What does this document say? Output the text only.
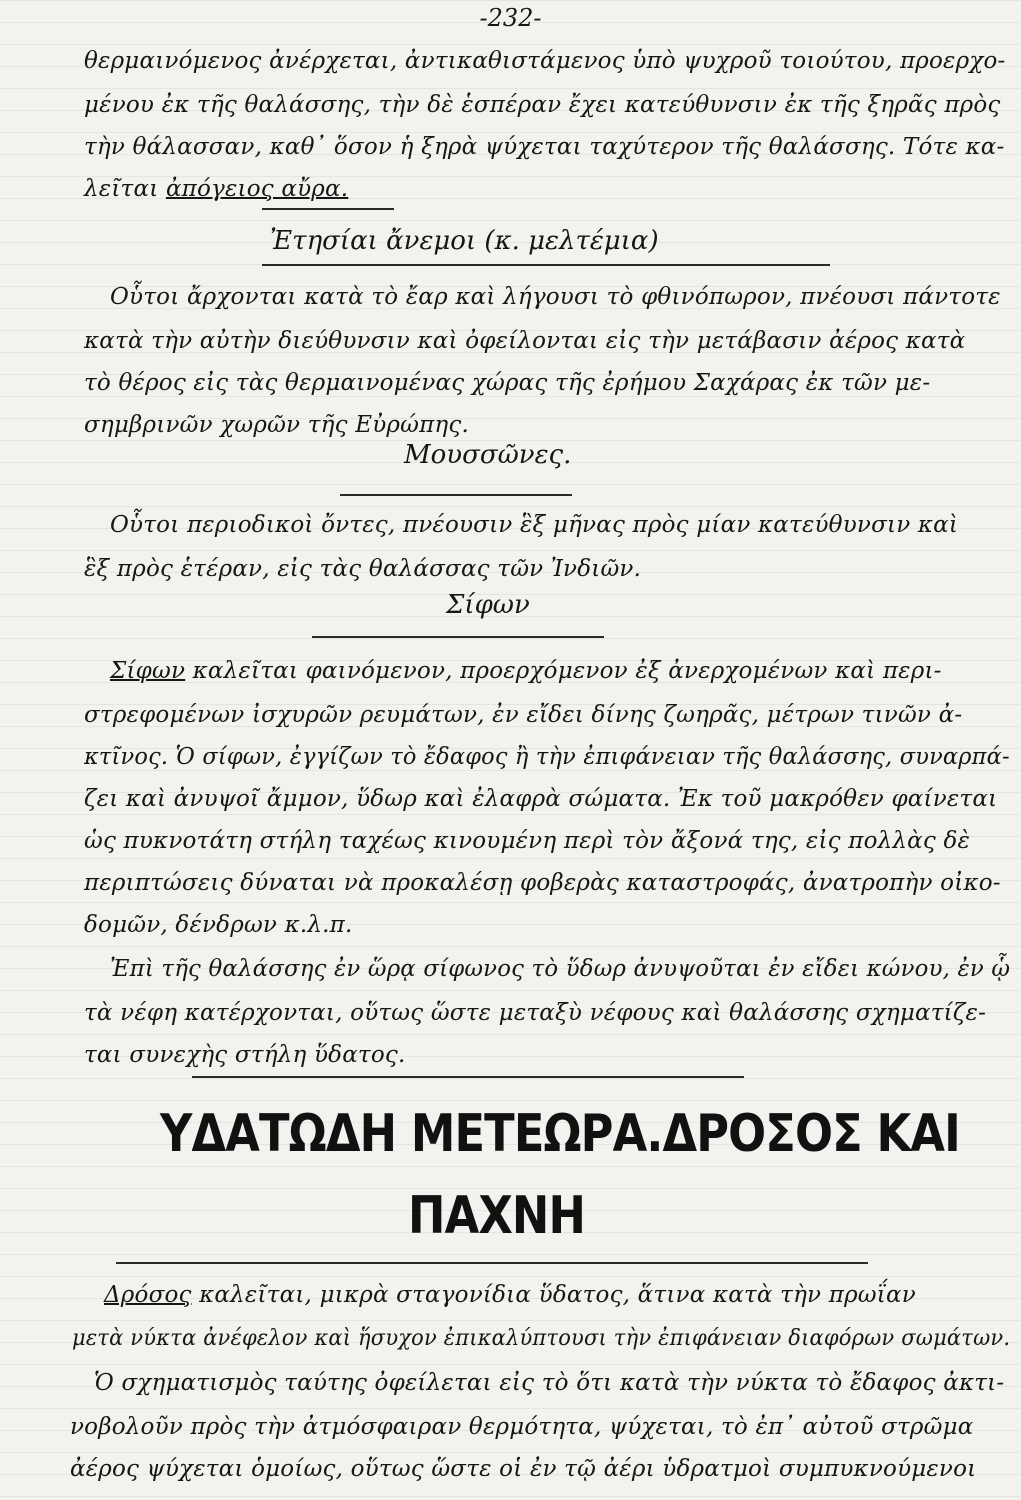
-232-
θερμαινόμενος ἀνέρχεται, ἀντικαθιστάμενος ὑπὸ ψυχροῦ τοιούτου, προερχο-
μένου ἐκ τῆς θαλάσσης, τὴν δὲ ἑσπέραν ἔχει κατεύθυνσιν ἐκ τῆς ξηρᾶς πρὸς
τὴν θάλασσαν, καθ᾽ ὅσον ἡ ξηρὰ ψύχεται ταχύτερον τῆς θαλάσσης. Τότε κα-
λεῖται ἀπόγειος αὔρα.
Ἐτησίαι ἄνεμοι (κ. μελτέμια)
Οὗτοι ἄρχονται κατὰ τὸ ἔαρ καὶ λήγουσι τὸ φθινόπωρον, πνέουσι πάντοτε
κατὰ τὴν αὐτὴν διεύθυνσιν καὶ ὀφείλονται εἰς τὴν μετάβασιν ἀέρος κατὰ
τὸ θέρος εἰς τὰς θερμαινομένας χώρας τῆς ἐρήμου Σαχάρας ἐκ τῶν με-
σημβρινῶν χωρῶν τῆς Εὐρώπης.
Μουσσῶνες.
Οὗτοι περιοδικοὶ ὄντες, πνέουσιν ἓξ μῆνας πρὸς μίαν κατεύθυνσιν καὶ
ἓξ πρὸς ἑτέραν, εἰς τὰς θαλάσσας τῶν Ἰνδιῶν.
Σίφων
Σίφων καλεῖται φαινόμενον, προερχόμενον ἐξ ἀνερχομένων καὶ περι-
στρεφομένων ἰσχυρῶν ρευμάτων, ἐν εἴδει δίνης ζωηρᾶς, μέτρων τινῶν ἀ-
κτῖνος. Ὁ σίφων, ἐγγίζων τὸ ἔδαφος ἢ τὴν ἐπιφάνειαν τῆς θαλάσσης, συναρπά-
ζει καὶ ἀνυψοῖ ἄμμον, ὕδωρ καὶ ἐλαφρὰ σώματα. Ἐκ τοῦ μακρόθεν φαίνεται
ὡς πυκνοτάτη στήλη ταχέως κινουμένη περὶ τὸν ἄξονά της, εἰς πολλὰς δὲ
περιπτώσεις δύναται νὰ προκαλέσῃ φοβερὰς καταστροφάς, ἀνατροπὴν οἰκο-
δομῶν, δένδρων κ.λ.π.
Ἐπὶ τῆς θαλάσσης ἐν ὥρᾳ σίφωνος τὸ ὕδωρ ἀνυψοῦται ἐν εἴδει κώνου, ἐν ᾧ
τὰ νέφη κατέρχονται, οὕτως ὥστε μεταξὺ νέφους καὶ θαλάσσης σχηματίζε-
ται συνεχὴς στήλη ὕδατος.
ΥΔΑΤΩΔΗ ΜΕΤΕΩΡΑ.ΔΡΟΣΟΣ ΚΑΙ
ΠΑΧΝΗ
Δρόσος καλεῖται, μικρὰ σταγονίδια ὕδατος, ἅτινα κατὰ τὴν πρωΐαν
μετὰ νύκτα ἀνέφελον καὶ ἥσυχον ἐπικαλύπτουσι τὴν ἐπιφάνειαν διαφόρων σωμάτων.
Ὁ σχηματισμὸς ταύτης ὀφείλεται εἰς τὸ ὅτι κατὰ τὴν νύκτα τὸ ἔδαφος ἀκτι-
νοβολοῦν πρὸς τὴν ἀτμόσφαιραν θερμότητα, ψύχεται, τὸ ἐπ᾽ αὐτοῦ στρῶμα
ἀέρος ψύχεται ὁμοίως, οὕτως ὥστε οἱ ἐν τῷ ἀέρι ὑδρατμοὶ συμπυκνούμενοι
